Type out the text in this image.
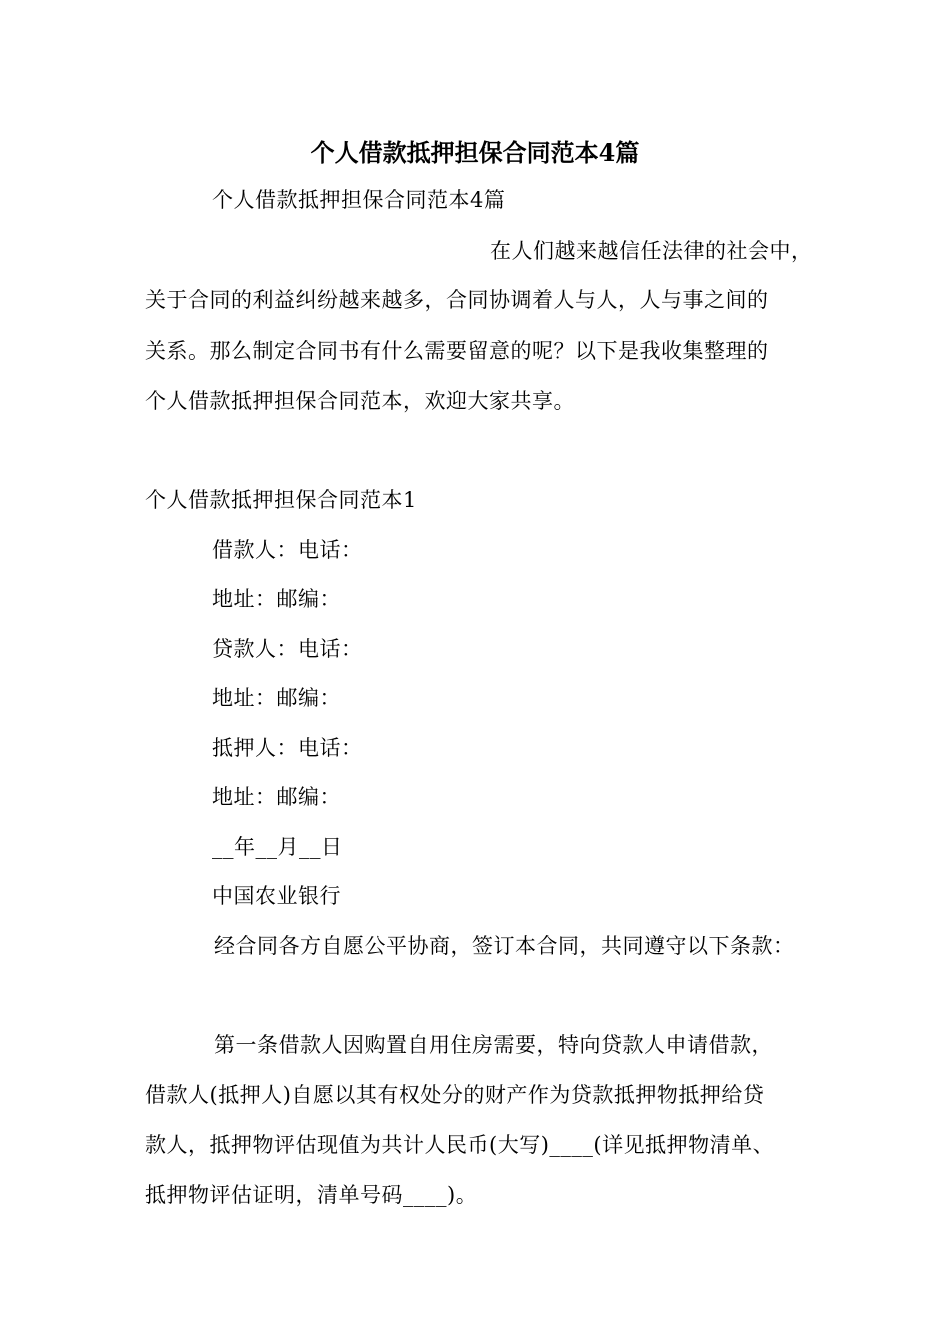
个人借款抵押担保合同范本4篇
个人借款抵押担保合同范本4篇
在人们越来越信任法律的社会中，
关于合同的利益纠纷越来越多，合同协调着人与人，人与事之间的
关系。那么制定合同书有什么需要留意的呢？以下是我收集整理的
个人借款抵押担保合同范本，欢迎大家共享。
个人借款抵押担保合同范本1
借款人：电话：
地址：邮编：
贷款人：电话：
地址：邮编：
抵押人：电话：
地址：邮编：
__年__月__日
中国农业银行
经合同各方自愿公平协商，签订本合同，共同遵守以下条款：
第一条借款人因购置自用住房需要，特向贷款人申请借款，
借款人(抵押人)自愿以其有权处分的财产作为贷款抵押物抵押给贷
款人，抵押物评估现值为共计人民币(大写)____(详见抵押物清单、
抵押物评估证明，清单号码____)。
